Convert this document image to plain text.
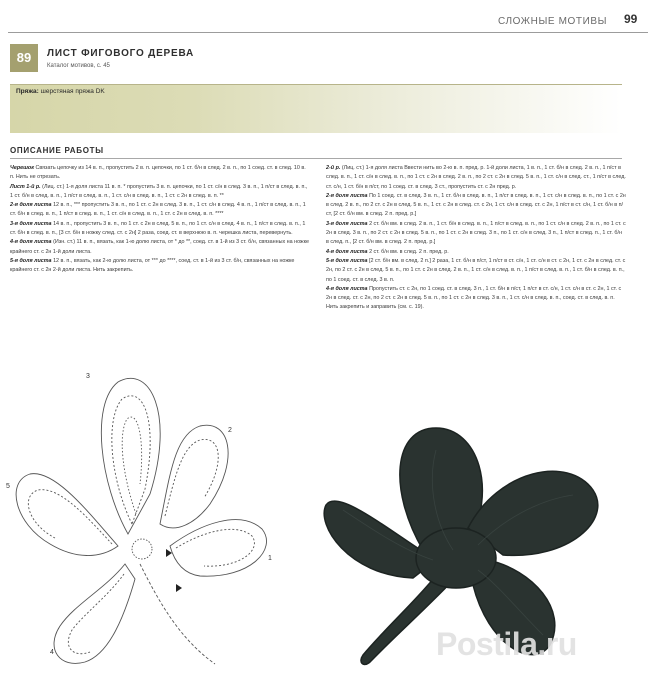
СЛОЖНЫЕ МОТИВЫ 99
89	ЛИСТ ФИГОВОГО ДЕРЕВА
Каталог мотивов, с. 45
Пряжа: шерстяная пряжа DK
ОПИСАНИЕ РАБОТЫ

Черешок Связать цепочку из 14 в. п., пропустить 2 в. п. цепочки, по 1 ст. б/н в след. 2 в. п., по 1 соед. ст. в след. 10 в. п. Нить не отрезать.

Лист 1-й р. (Лиц. ст.) 1-я доля листа 11 в. п. * пропустить 3 в. п. цепочки, по 1 ст. с/н в след. 3 в. п., 1 п/ст в след. в. п., 1 ст. б/н в след. в. п., 1 п/ст в след. в. п., 1 ст. с/н в след. в. п., 1 ст. с 2н в след. в. п. **

2-я доля листа 12 в. п., *** пропустить 3 в. п., по 1 ст. с 2н в след. 3 в. п., 1 ст. с/н в след. 4 в. п., 1 п/ст в след. в. п., 1 ст. б/н в след. в. п., 1 п/ст в след. в. п., 1 ст. с/н в след. в. п., 1 ст. с 2н в след. в. п. ****

3-я доля листа 14 в. п., пропустить 3 в. п., по 1 ст. с 2н в след. 5 в. п., по 1 ст. с/н в след. 4 в. п., 1 п/ст в след. в. п., 1 ст. б/н в след. в. п., [3 ст. б/н в ножку след. ст. с 2н] 2 раза, соед. ст. в верхнюю в. п. черешка листа, перевернуть.

4-я доля листа (Изн. ст.) 11 в. п., вязать, как 1-ю долю листа, от * до **, соед. ст. в 1-й из 3 ст. б/н, связанных на ножке крайнего ст. с 2н 1-й доли листа.

5-я доля листа 12 в. п., вязать, как 2-ю долю листа, от *** до ****, соед. ст. в 1-й из 3 ст. б/н, связанных на ножке крайнего ст. с 2н 2-й доли листа. Нить закрепить.

2-й р. (Лиц. ст.) 1-я доля листа Ввести нить во 2-ю в. п. пред. р. 1-й доли листа, 1 в. п., 1 ст. б/н в след. 2 в. п., 1 п/ст в след. в. п., 1 ст. с/н в след. в. п., по 1 ст. с 2н в след. 2 в. п., по 2 ст. с 2н в след. 5 в. п., 1 ст. с/н в след. ст., 1 п/ст в след. ст. с/н, 1 ст. б/н в п/ст, по 1 соед. ст. в след. 3 ст., пропустить ст. с 2н пред. р.

2-я доля листа По 1 соед. ст. в след. 3 в. п., 1 ст. б/н в след. в. п., 1 п/ст в след. в. п., 1 ст. с/н в след. в. п., по 1 ст. с 2н в след. 2 в. п., по 2 ст. с 2н в след. 5 в. п., 1 ст. с 2н в след. ст. с 2н, 1 ст. с/н в след. ст. с 2н, 1 п/ст в ст. с/н, 1 ст. б/н в п/ст, [2 ст. б/н вм. в след. 2 п. пред. р.]

3-я доля листа 2 ст. б/н вм. в след. 2 в. п., 1 ст. б/н в след. в. п., 1 п/ст в след. в. п., по 1 ст. с/н в след. 2 в. п., по 1 ст. с 2н в след. 3 в. п., по 2 ст. с 2н в след. 5 в. п., по 1 ст. с 2н в след. 3 п., по 1 ст. с/н в след. 3 п., 1 п/ст в след. п., 1 ст. б/н в след. п., [2 ст. б/н вм. в след. 2 п. пред. р.]

4-я доля листа 2 ст. б/н вм. в след. 2 п. пред. р.

5-я доля листа [2 ст. б/н вм. в след. 2 п.] 2 раза, 1 ст. б/н в п/ст, 1 п/ст в ст. с/н, 1 ст. с/н в ст. с 2н, 1 ст. с 2н в след. ст. с 2н, по 2 ст. с 2н в след. 5 в. п., по 1 ст. с 2н в след. 2 в. п., 1 ст. с/н в след. в. п., 1 п/ст в след. в. п., 1 ст. б/н в след. в. п., по 1 соед. ст. в след. 3 в. п.

4-я доля листа Пропустить ст. с 2н, по 1 соед. ст. в след. 3 п., 1 ст. б/н в п/ст, 1 п/ст в ст. с/н, 1 ст. с/н в ст. с 2н, 1 ст. с 2н в след. ст. с 2н, по 2 ст. с 2н в след. 5 в. п., по 1 ст. с 2н в след. 3 в. п., 1 ст. с/н в след. в. п., соед. ст. в след. в. п. Нить закрепить и заправить (см. с. 19).

1
2
3
4
5
Postila.ru
